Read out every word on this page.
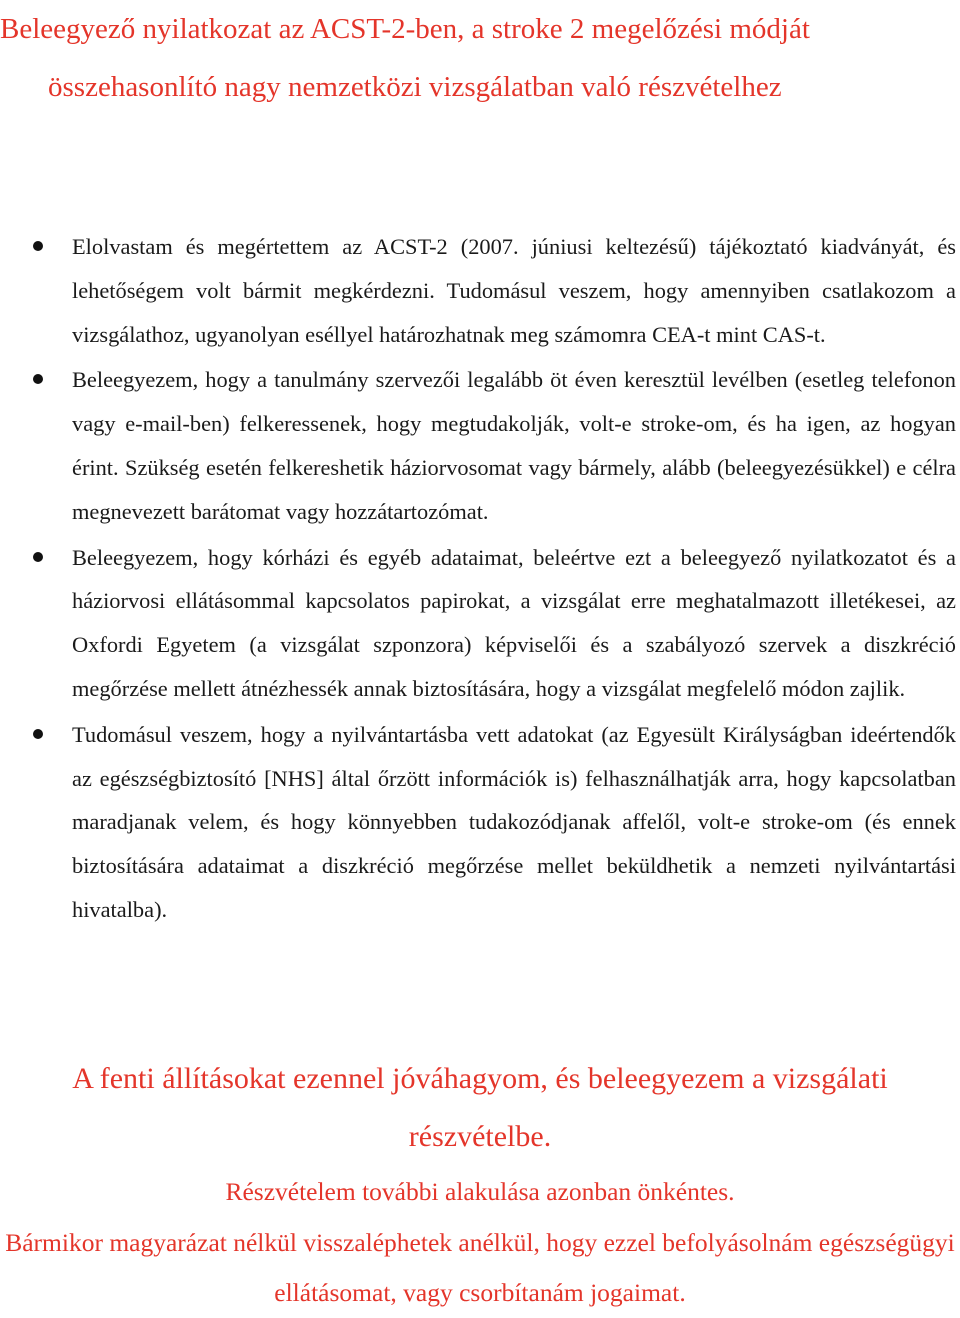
Beleegyező nyilatkozat az ACST-2-ben, a stroke 2 megelőzési módját
összehasonlító nagy nemzetközi vizsgálatban való részvételhez
Elolvastam és megértettem az ACST-2 (2007. júniusi keltezésű) tájékoztató kiadványát, és lehetőségem volt bármit megkérdezni. Tudomásul veszem, hogy amennyiben csatlakozom a vizsgálathoz, ugyanolyan eséllyel határozhatnak meg számomra CEA-t mint CAS-t.
Beleegyezem, hogy a tanulmány szervezői legalább öt éven keresztül levélben (esetleg telefonon vagy e-mail-ben) felkeressenek, hogy megtudakolják, volt-e stroke-om, és ha igen, az hogyan érint. Szükség esetén felkereshetik háziorvosomat vagy bármely, alább (beleegyezésükkel) e célra megnevezett barátomat vagy hozzátartozómat.
Beleegyezem, hogy kórházi és egyéb adataimat, beleértve ezt a beleegyező nyilatkozatot és a háziorvosi ellátásommal kapcsolatos papirokat, a vizsgálat erre meghatalmazott illetékesei, az Oxfordi Egyetem (a vizsgálat szponzora) képviselői és a szabályozó szervek a diszkréció megőrzése mellett átnézhessék annak biztosítására, hogy a vizsgálat megfelelő módon zajlik.
Tudomásul veszem, hogy a nyilvántartásba vett adatokat (az Egyesült Királyságban ideértendők az egészségbiztosító [NHS] által őrzött információk is) felhasználhatják arra, hogy kapcsolatban maradjanak velem, és hogy könnyebben tudakozódjanak affelől, volt-e stroke-om (és ennek biztosítására adataimat a diszkréció megőrzése mellet beküldhetik a nemzeti nyilvántartási hivatalba).

A fenti állításokat ezennel jóváhagyom, és beleegyezem a vizsgálati részvételbe.

Részvételem további alakulása azonban önkéntes.

Bármikor magyarázat nélkül visszaléphetek anélkül, hogy ezzel befolyásolnám egészségügyi ellátásomat, vagy csorbítanám jogaimat.
